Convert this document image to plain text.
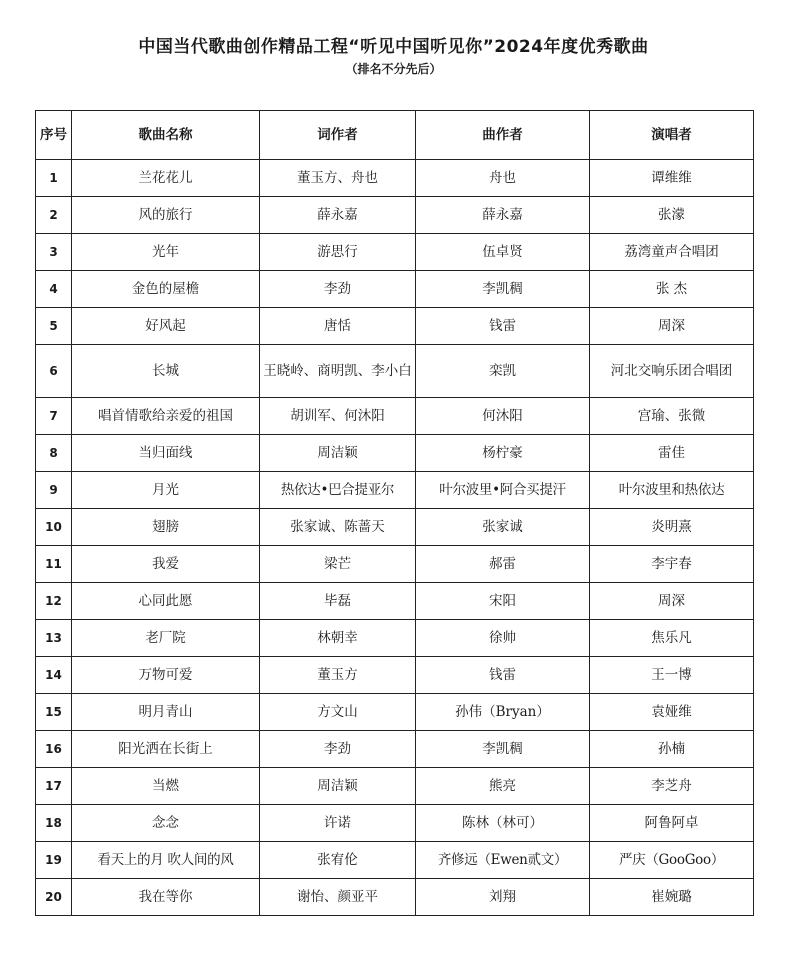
中国当代歌曲创作精品工程“听见中国听见你”2024年度优秀歌曲
（排名不分先后）
序号	歌曲名称	词作者	曲作者	演唱者
1	兰花花儿	董玉方、舟也	舟也	谭维维
2	风的旅行	薛永嘉	薛永嘉	张濛
3	光年	游思行	伍卓贤	荔湾童声合唱团
4	金色的屋檐	李劲	李凯稠	张 杰
5	好风起	唐恬	钱雷	周深
6	长城	王晓岭、商明凯、李小白	栾凯	河北交响乐团合唱团
7	唱首情歌给亲爱的祖国	胡训军、何沐阳	何沐阳	宫瑜、张微
8	当归面线	周洁颖	杨柠豪	雷佳
9	月光	热依达•巴合提亚尔	叶尔波里•阿合买提汗	叶尔波里和热依达
10	翅膀	张家诚、陈蔷天	张家诚	炎明熹
11	我爱	梁芒	郝雷	李宇春
12	心同此愿	毕磊	宋阳	周深
13	老厂院	林朝幸	徐帅	焦乐凡
14	万物可爱	董玉方	钱雷	王一博
15	明月青山	方文山	孙伟（Bryan）	袁娅维
16	阳光洒在长街上	李劲	李凯稠	孙楠
17	当燃	周洁颖	熊亮	李芝舟
18	念念	许诺	陈林（林可）	阿鲁阿卓
19	看天上的月 吹人间的风	张宥伦	齐修远（Ewen贰文）	严庆（GooGoo）
20	我在等你	谢怡、颜亚平	刘翔	崔婉璐
